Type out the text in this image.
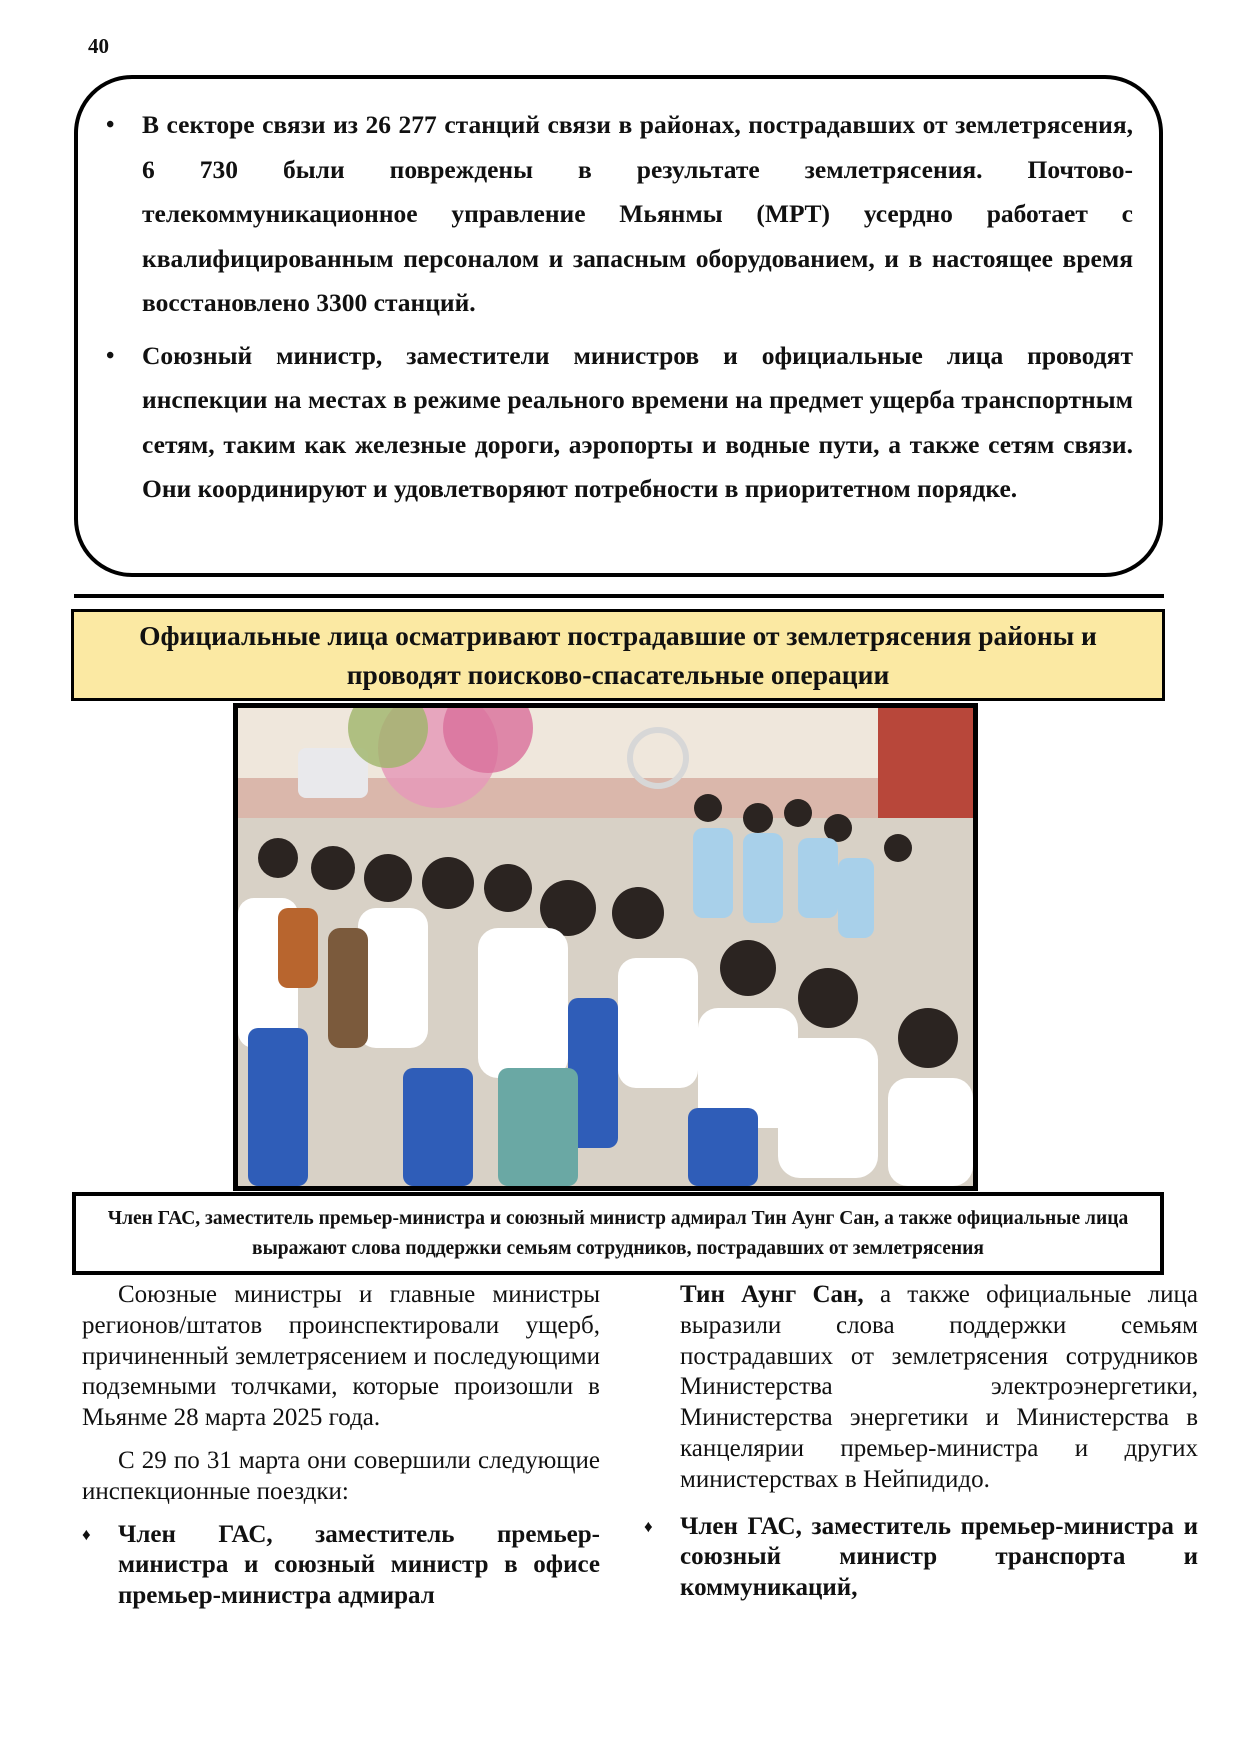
40
• В секторе связи из 26 277 станций связи в районах, пострадавших от землетрясения, 6 730 были повреждены в результате землетрясения. Почтово-телекоммуникационное управление Мьянмы (MPT) усердно работает с квалифицированным персоналом и запасным оборудованием, и в настоящее время восстановлено 3300 станций.
• Союзный министр, заместители министров и официальные лица проводят инспекции на местах в режиме реального времени на предмет ущерба транспортным сетям, таким как железные дороги, аэропорты и водные пути, а также сетям связи. Они координируют и удовлетворяют потребности в приоритетном порядке.
Официальные лица осматривают пострадавшие от землетрясения районы и проводят поисково-спасательные операции
Член ГАС, заместитель премьер-министра и союзный министр адмирал Тин Аунг Сан, а также официальные лица выражают слова поддержки семьям сотрудников, пострадавших от землетрясения

Союзные министры и главные министры регионов/штатов проинспектировали ущерб, причиненный землетрясением и последующими подземными толчками, которые произошли в Мьянме 28 марта 2025 года.

С 29 по 31 марта они совершили следующие инспекционные поездки:

♦ Член ГАС, заместитель премьер-министра и союзный министр в офисе премьер-министра адмирал

Тин Аунг Сан, а также официальные лица выразили слова поддержки семьям пострадавших от землетрясения сотрудников Министерства электроэнергетики, Министерства энергетики и Министерства в канцелярии премьер-министра и других министерствах в Нейпидидо.

♦ Член ГАС, заместитель премьер-министра и союзный министр транспорта и коммуникаций,
